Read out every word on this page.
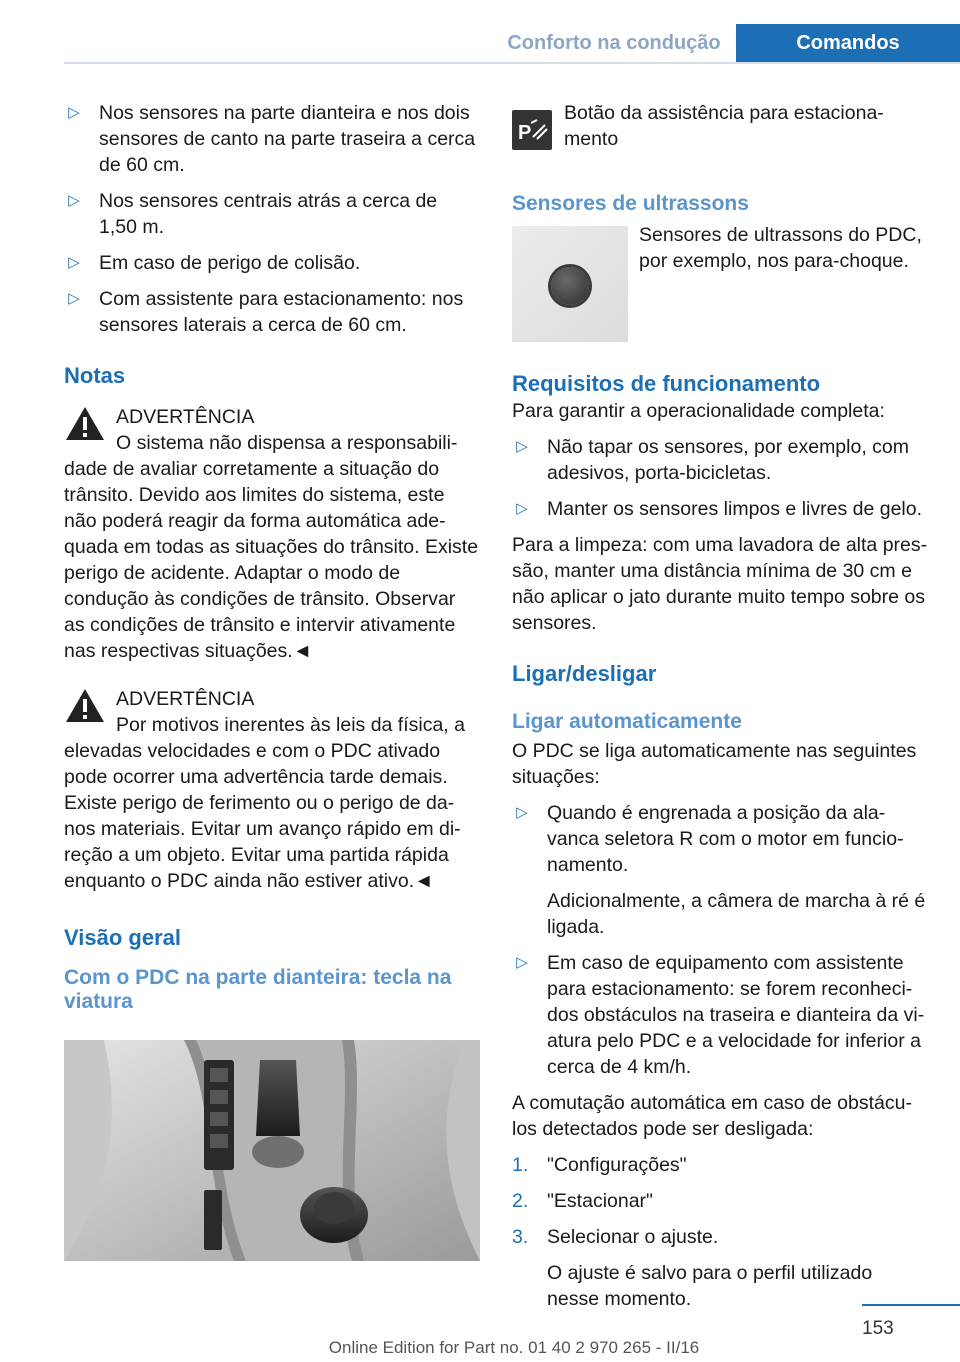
Conforto na condução	Comandos
▷ Nos sensores na parte dianteira e nos dois sensores de canto na parte traseira a cerca de 60 cm.
▷ Nos sensores centrais atrás a cerca de 1,50 m.
▷ Em caso de perigo de colisão.
▷ Com assistente para estacionamento: nos sensores laterais a cerca de 60 cm.
Notas
ADVERTÊNCIA
O sistema não dispensa a responsabili-
dade de avaliar corretamente a situação do trânsito. Devido aos limites do sistema, este não poderá reagir da forma automática ade-quada em todas as situações do trânsito. Existe perigo de acidente. Adaptar o modo de condução às condições de trânsito. Observar as condições de trânsito e intervir ativamente nas respectivas situações.◄
ADVERTÊNCIA
Por motivos inerentes às leis da física, a
elevadas velocidades e com o PDC ativado pode ocorrer uma advertência tarde demais. Existe perigo de ferimento ou o perigo de da-nos materiais. Evitar um avanço rápido em di-reção a um objeto. Evitar uma partida rápida enquanto o PDC ainda não estiver ativo.◄
Visão geral
Com o PDC na parte dianteira: tecla na viatura
P
Botão da assistência para estaciona-mento
Sensores de ultrassons
Sensores de ultrassons do PDC, por exemplo, nos para-choque.
Requisitos de funcionamento

Para garantir a operacionalidade completa:

▷ Não tapar os sensores, por exemplo, com adesivos, porta-bicicletas.
▷ Manter os sensores limpos e livres de gelo.

Para a limpeza: com uma lavadora de alta pres-são, manter uma distância mínima de 30 cm e não aplicar o jato durante muito tempo sobre os sensores.

Ligar/desligar
Ligar automaticamente

O PDC se liga automaticamente nas seguintes situações:

▷ Quando é engrenada a posição da ala-vanca seletora R com o motor em funcio-namento.
Adicionalmente, a câmera de marcha à ré é ligada.
▷ Em caso de equipamento com assistente para estacionamento: se forem reconheci-dos obstáculos na traseira e dianteira da vi-atura pelo PDC e a velocidade for inferior a cerca de 4 km/h.

A comutação automática em caso de obstácu-los detectados pode ser desligada:

1. "Configurações"
2. "Estacionar"
3. Selecionar o ajuste.
O ajuste é salvo para o perfil utilizado nesse momento.
153
Online Edition for Part no. 01 40 2 970 265 - II/16
